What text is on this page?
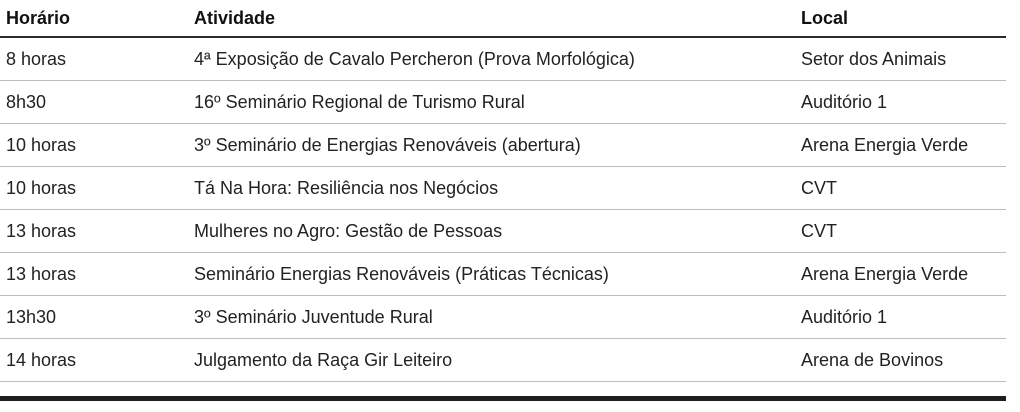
Horário	Atividade	Local
8 horas	4ª Exposição de Cavalo Percheron (Prova Morfológica)	Setor dos Animais
8h30	16º Seminário Regional de Turismo Rural	Auditório 1
10 horas	3º Seminário de Energias Renováveis (abertura)	Arena Energia Verde
10 horas	Tá Na Hora: Resiliência nos Negócios	CVT
13 horas	Mulheres no Agro: Gestão de Pessoas	CVT
13 horas	Seminário Energias Renováveis (Práticas Técnicas)	Arena Energia Verde
13h30	3º Seminário Juventude Rural	Auditório 1
14 horas	Julgamento da Raça Gir Leiteiro	Arena de Bovinos
